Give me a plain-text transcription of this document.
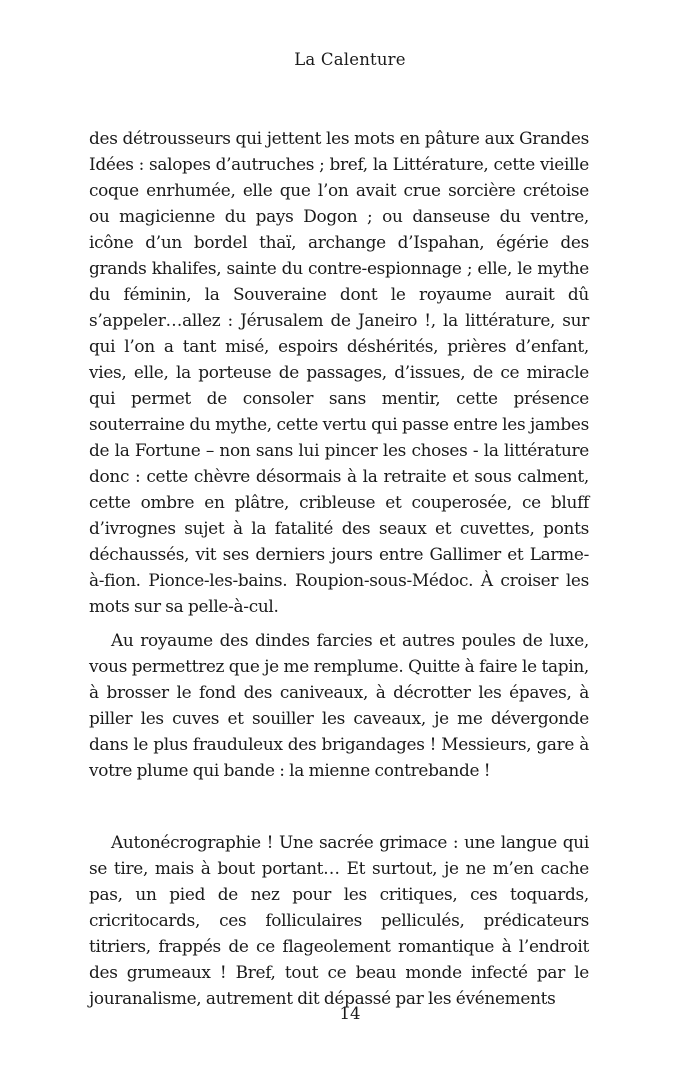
La Calenture

des détrousseurs qui jettent les mots en pâture aux Grandes Idées : salopes d’autruches ; bref, la Littérature, cette vieille coque enrhumée, elle que l’on avait crue sorcière crétoise ou magicienne du pays Dogon ; ou danseuse du ventre, icône d’un bordel thaï, archange d’Ispahan, égérie des grands khalifes, sainte du contre-espionnage ; elle, le mythe du féminin, la Souveraine dont le royaume aurait dû s’appeler…allez : Jérusalem de Janeiro !, la littérature, sur qui l’on a tant misé, espoirs déshérités, prières d’enfant, vies, elle, la porteuse de passages, d’issues, de ce miracle qui permet de consoler sans mentir, cette présence souterraine du mythe, cette vertu qui passe entre les jambes de la Fortune – non sans lui pincer les choses - la littérature donc : cette chèvre désormais à la retraite et sous calment, cette ombre en plâtre, cribleuse et couperosée, ce bluff d’ivrognes sujet à la fatalité des seaux et cuvettes, ponts déchaussés, vit ses derniers jours entre Gallimer et Larme-à-fion. Pionce-les-bains. Roupion-sous-Médoc. À croiser les mots sur sa pelle-à-cul.

Au royaume des dindes farcies et autres poules de luxe, vous permettrez que je me remplume. Quitte à faire le tapin, à brosser le fond des caniveaux, à décrotter les épaves, à piller les cuves et souiller les caveaux, je me dévergonde dans le plus frauduleux des brigandages ! Messieurs, gare à votre plume qui bande : la mienne contrebande !

Autonécrographie ! Une sacrée grimace : une langue qui se tire, mais à bout portant… Et surtout, je ne m’en cache pas, un pied de nez pour les critiques, ces toquards, cricritocards, ces folliculaires pelliculés, prédicateurs titriers, frappés de ce flageolement romantique à l’endroit des grumeaux ! Bref, tout ce beau monde infecté par le jouranalisme, autrement dit dépassé par les événements

14
